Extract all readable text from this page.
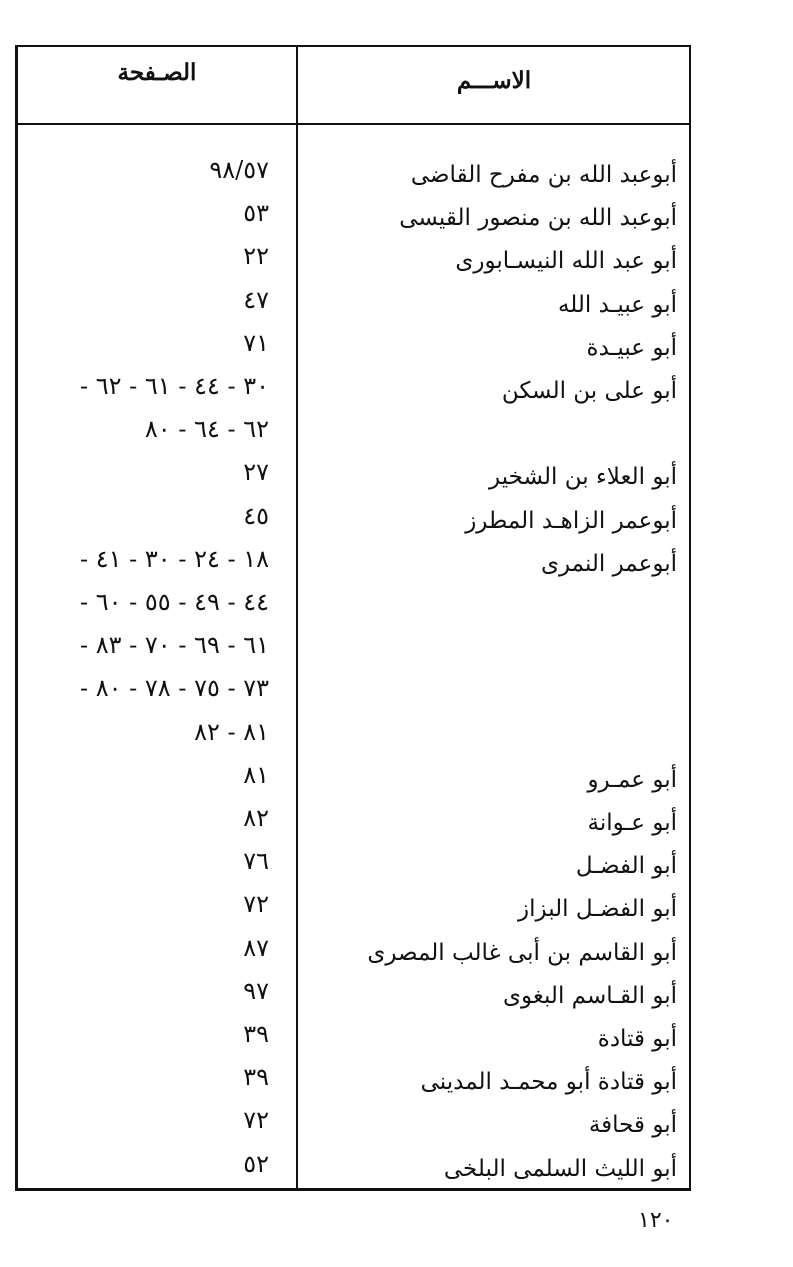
الصـفحة	الاســـم
٩٨/٥٧	أبوعبد الله بن مفرح القاضى
٥٣	أبوعبد الله بن منصور القيسى
٢٢	أبو عبد الله النيسـابورى
٤٧	أبو عبيـد الله
٧١	أبو عبيـدة
٣٠ - ٤٤ - ٦١ - ٦٢ -	أبو على بن السكن
٦٢ - ٦٤ - ٨٠
٢٧	أبو العلاء بن الشخير
٤٥	أبوعمر الزاهـد المطرز
١٨ - ٢٤ - ٣٠ - ٤١ -	أبوعمر النمرى
٤٤ - ٤٩ - ٥٥ - ٦٠ -
٦١ - ٦٩ - ٧٠ - ٨٣ -
٧٣ - ٧٥ - ٧٨ - ٨٠ -
٨١ - ٨٢
٨١	أبو عمـرو
٨٢	أبو عـوانة
٧٦	أبو الفضـل
٧٢	أبو الفضـل البزاز
٨٧	أبو القاسم بن أبى غالب المصرى
٩٧	أبو القـاسم البغوى
٣٩	أبو قتادة
٣٩	أبو قتادة أبو محمـد المدينى
٧٢	أبو قحافة
٥٢	أبو الليث السلمى البلخى
١٢٠
